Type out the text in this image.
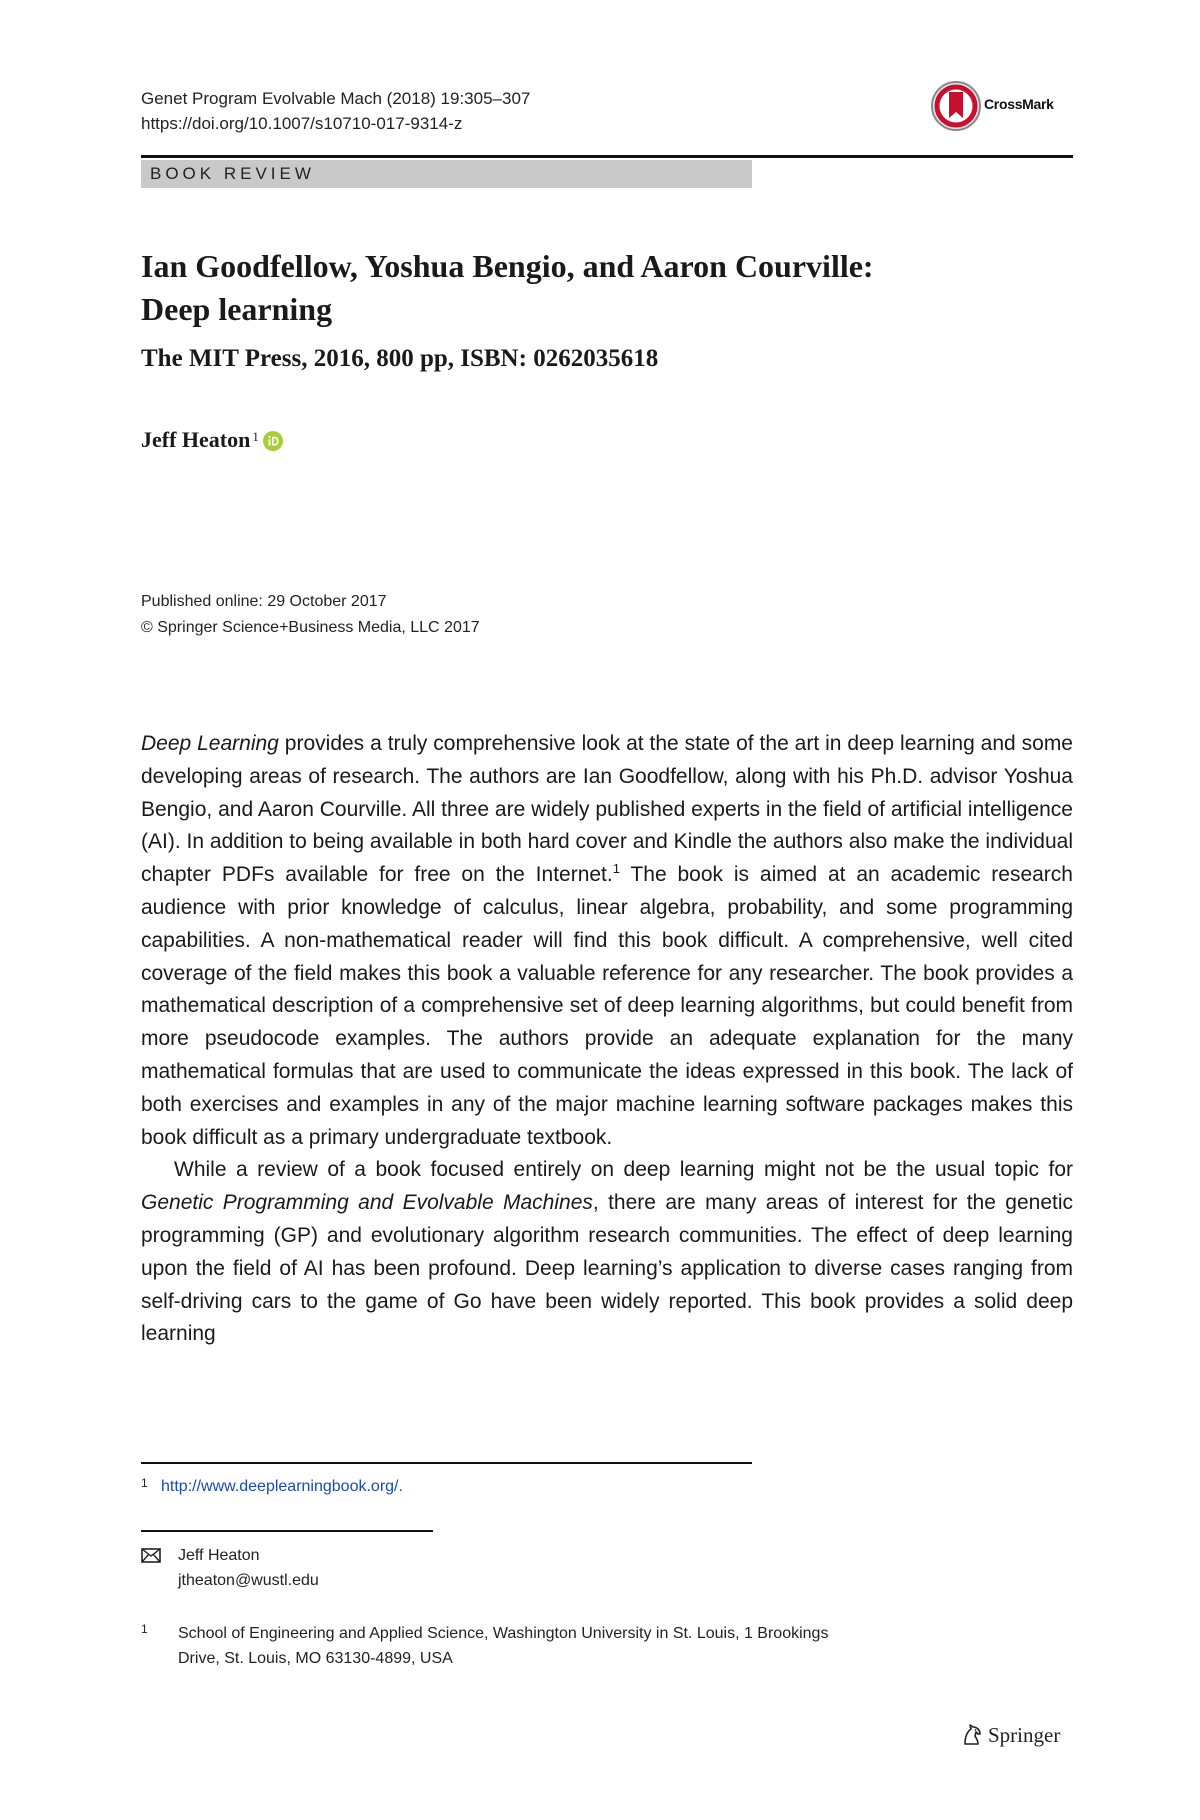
Genet Program Evolvable Mach (2018) 19:305–307
https://doi.org/10.1007/s10710-017-9314-z
CrossMark
BOOK REVIEW
Ian Goodfellow, Yoshua Bengio, and Aaron Courville:
Deep learning
The MIT Press, 2016, 800 pp, ISBN: 0262035618
Jeff Heaton 1
Published online: 29 October 2017
© Springer Science+Business Media, LLC 2017

Deep Learning provides a truly comprehensive look at the state of the art in deep learning and some developing areas of research. The authors are Ian Goodfellow, along with his Ph.D. advisor Yoshua Bengio, and Aaron Courville. All three are widely published experts in the field of artificial intelligence (AI). In addition to being available in both hard cover and Kindle the authors also make the individual chapter PDFs available for free on the Internet.$^1$ The book is aimed at an academic research audience with prior knowledge of calculus, linear algebra, probability, and some programming capabilities. A non-mathematical reader will find this book difficult. A comprehensive, well cited coverage of the field makes this book a valuable reference for any researcher. The book provides a mathematical description of a comprehensive set of deep learning algorithms, but could benefit from more pseudocode examples. The authors provide an adequate explanation for the many mathematical formulas that are used to communicate the ideas expressed in this book. The lack of both exercises and examples in any of the major machine learning software packages makes this book difficult as a primary undergraduate textbook.

While a review of a book focused entirely on deep learning might not be the usual topic for Genetic Programming and Evolvable Machines, there are many areas of interest for the genetic programming (GP) and evolutionary algorithm research communities. The effect of deep learning upon the field of AI has been profound. Deep learning’s application to diverse cases ranging from self-driving cars to the game of Go have been widely reported. This book provides a solid deep learning

1 http://www.deeplearningbook.org/.
Jeff Heaton
jtheaton@wustl.edu
1 School of Engineering and Applied Science, Washington University in St. Louis, 1 Brookings
Drive, St. Louis, MO 63130-4899, USA
Springer
